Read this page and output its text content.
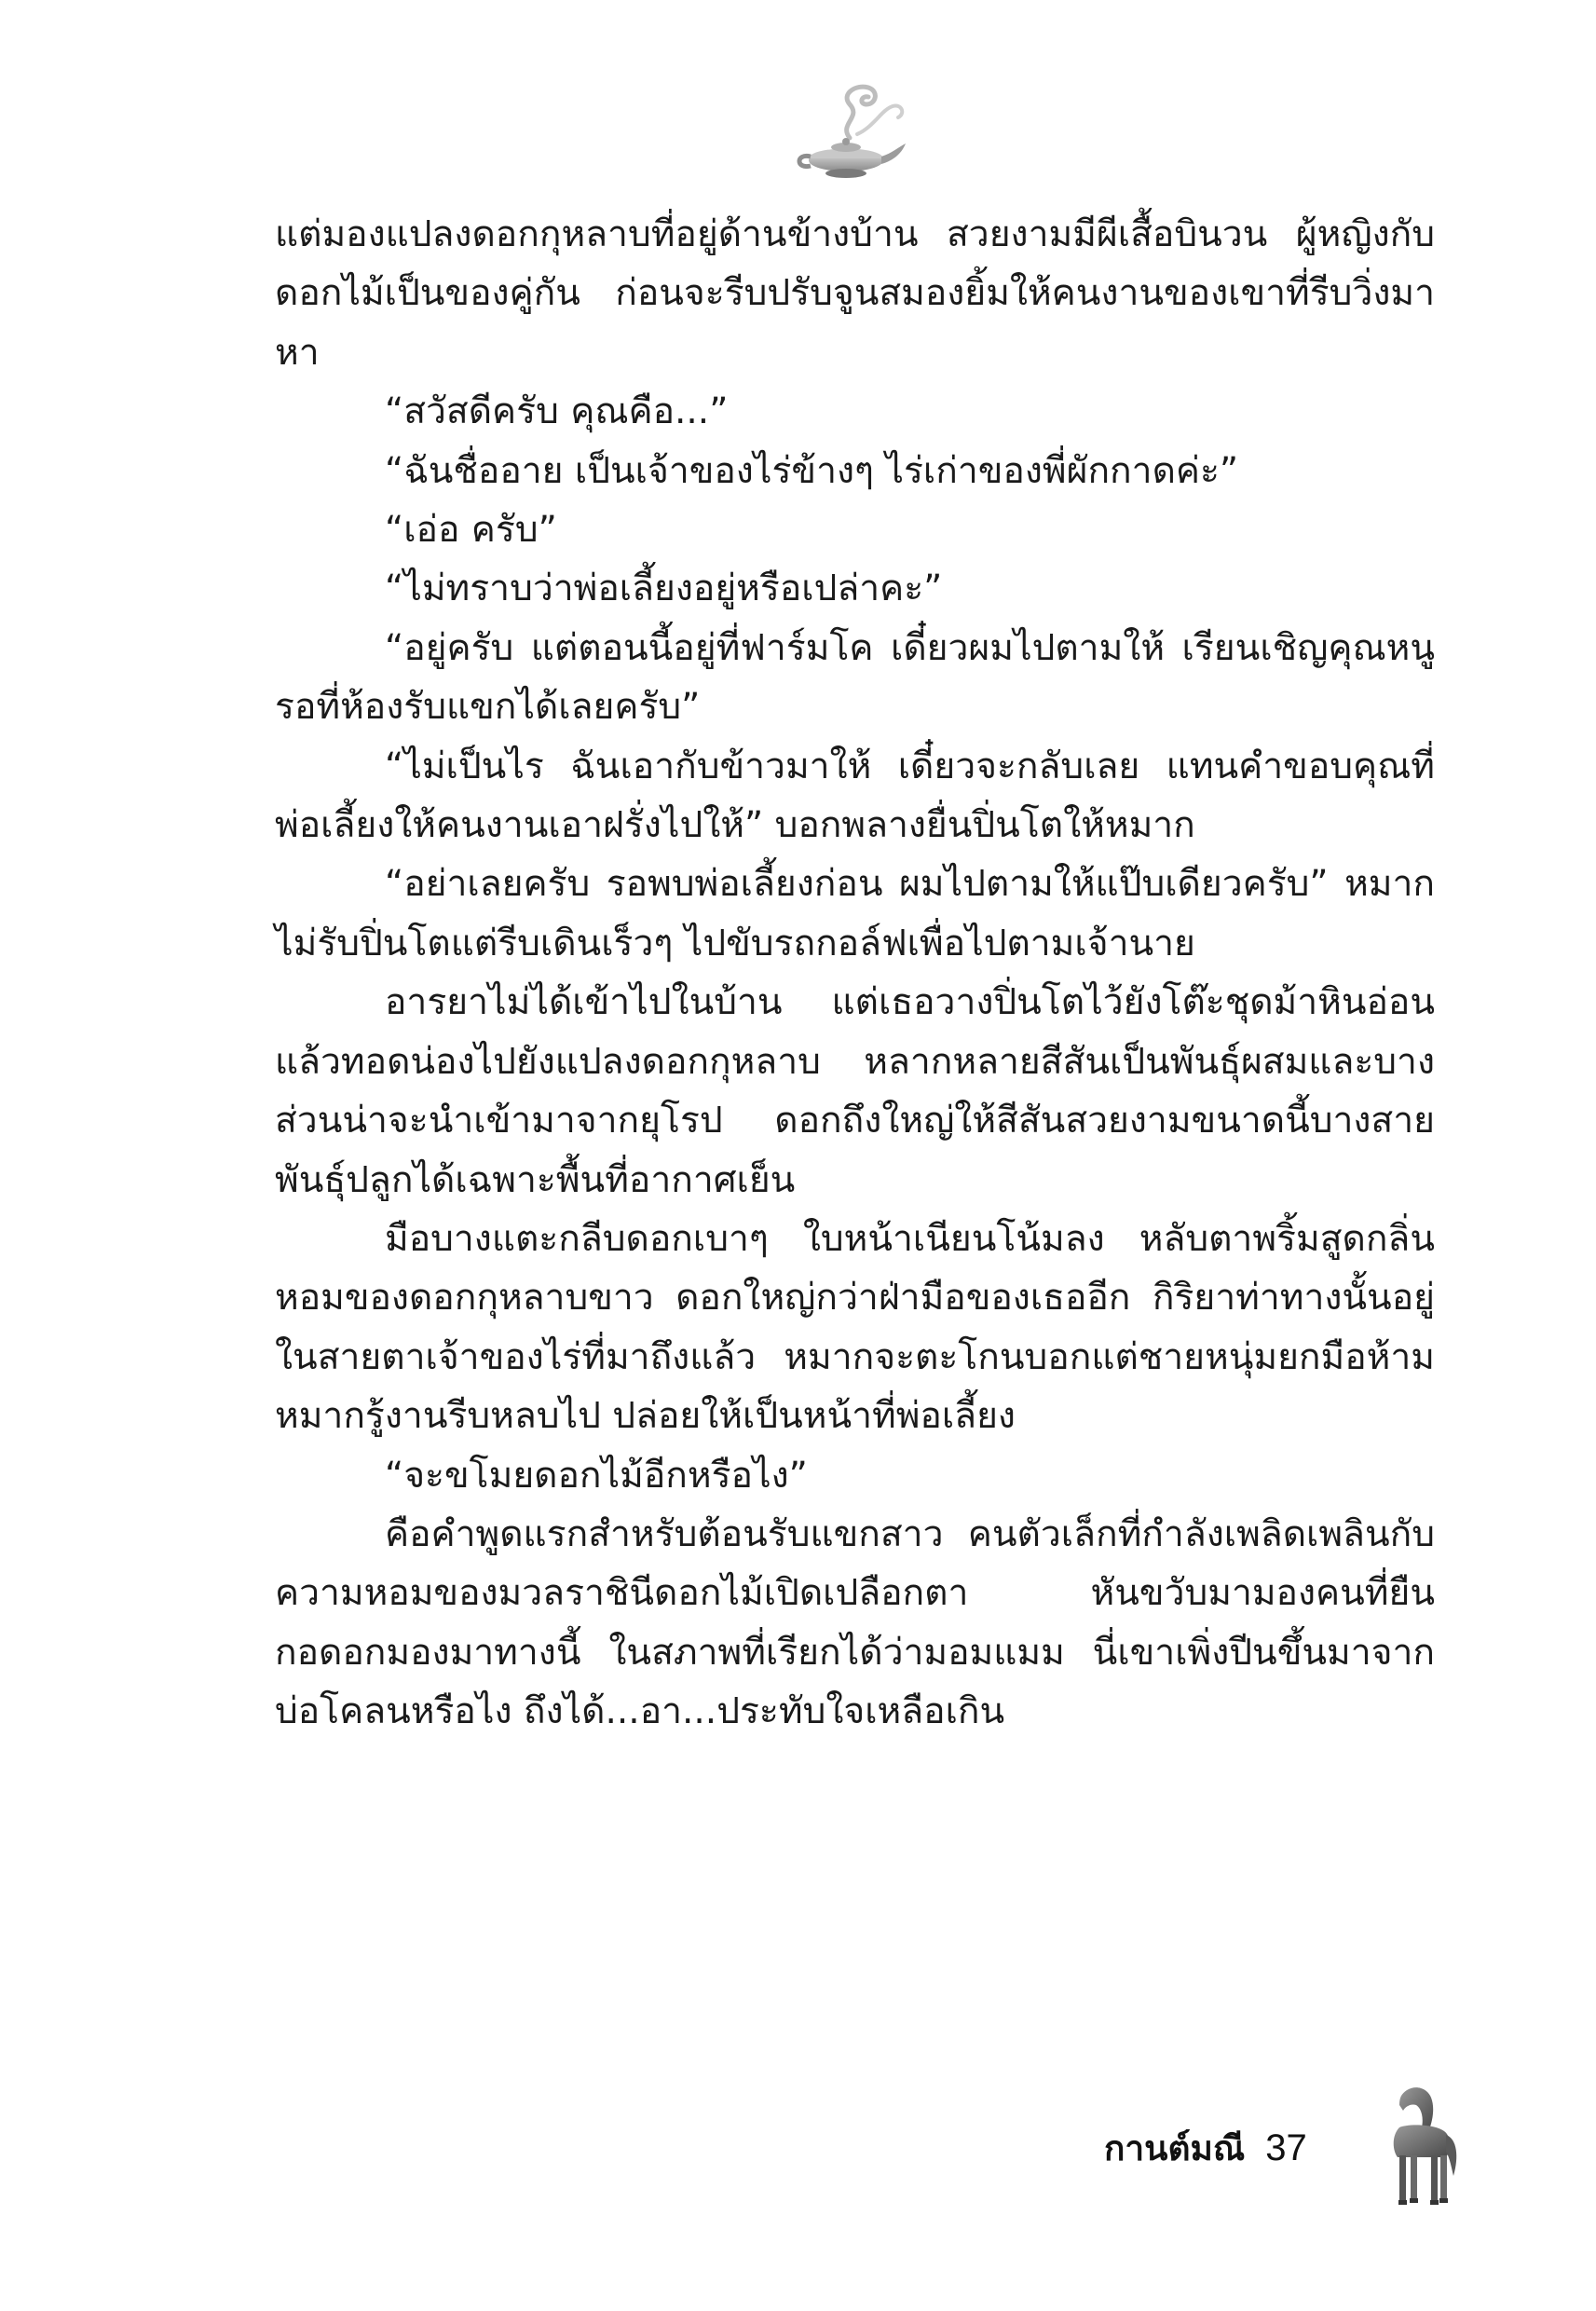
แต่มองแปลงดอกกุหลาบที่อยู่ด้านข้างบ้าน สวยงามมีผีเสื้อบินวน ผู้หญิงกับดอกไม้เป็นของคู่กัน ก่อนจะรีบปรับจูนสมองยิ้มให้คนงานของเขาที่รีบวิ่งมาหา

“สวัสดีครับ คุณคือ...”

“ฉันชื่ออาย เป็นเจ้าของไร่ข้างๆ ไร่เก่าของพี่ผักกาดค่ะ”

“เอ่อ ครับ”

“ไม่ทราบว่าพ่อเลี้ยงอยู่หรือเปล่าคะ”

“อยู่ครับ แต่ตอนนี้อยู่ที่ฟาร์มโค เดี๋ยวผมไปตามให้ เรียนเชิญคุณหนูรอที่ห้องรับแขกได้เลยครับ”

“ไม่เป็นไร ฉันเอากับข้าวมาให้ เดี๋ยวจะกลับเลย แทนคำขอบคุณที่พ่อเลี้ยงให้คนงานเอาฝรั่งไปให้” บอกพลางยื่นปิ่นโตให้หมาก

“อย่าเลยครับ รอพบพ่อเลี้ยงก่อน ผมไปตามให้แป๊บเดียวครับ” หมากไม่รับปิ่นโตแต่รีบเดินเร็วๆ ไปขับรถกอล์ฟเพื่อไปตามเจ้านาย

อารยาไม่ได้เข้าไปในบ้าน แต่เธอวางปิ่นโตไว้ยังโต๊ะชุดม้าหินอ่อนแล้วทอดน่องไปยังแปลงดอกกุหลาบ หลากหลายสีสันเป็นพันธุ์ผสมและบางส่วนน่าจะนำเข้ามาจากยุโรป ดอกถึงใหญ่ให้สีสันสวยงามขนาดนี้บางสายพันธุ์ปลูกได้เฉพาะพื้นที่อากาศเย็น

มือบางแตะกลีบดอกเบาๆ ใบหน้าเนียนโน้มลง หลับตาพริ้มสูดกลิ่นหอมของดอกกุหลาบขาว ดอกใหญ่กว่าฝ่ามือของเธออีก กิริยาท่าทางนั้นอยู่ในสายตาเจ้าของไร่ที่มาถึงแล้ว หมากจะตะโกนบอกแต่ชายหนุ่มยกมือห้าม หมากรู้งานรีบหลบไป ปล่อยให้เป็นหน้าที่พ่อเลี้ยง

“จะขโมยดอกไม้อีกหรือไง”

คือคำพูดแรกสำหรับต้อนรับแขกสาว คนตัวเล็กที่กำลังเพลิดเพลินกับความหอมของมวลราชินีดอกไม้เปิดเปลือกตา หันขวับมามองคนที่ยืนกอดอกมองมาทางนี้ ในสภาพที่เรียกได้ว่ามอมแมม นี่เขาเพิ่งปีนขึ้นมาจากบ่อโคลนหรือไง ถึงได้...อา...ประทับใจเหลือเกิน

กานต์มณี 37
